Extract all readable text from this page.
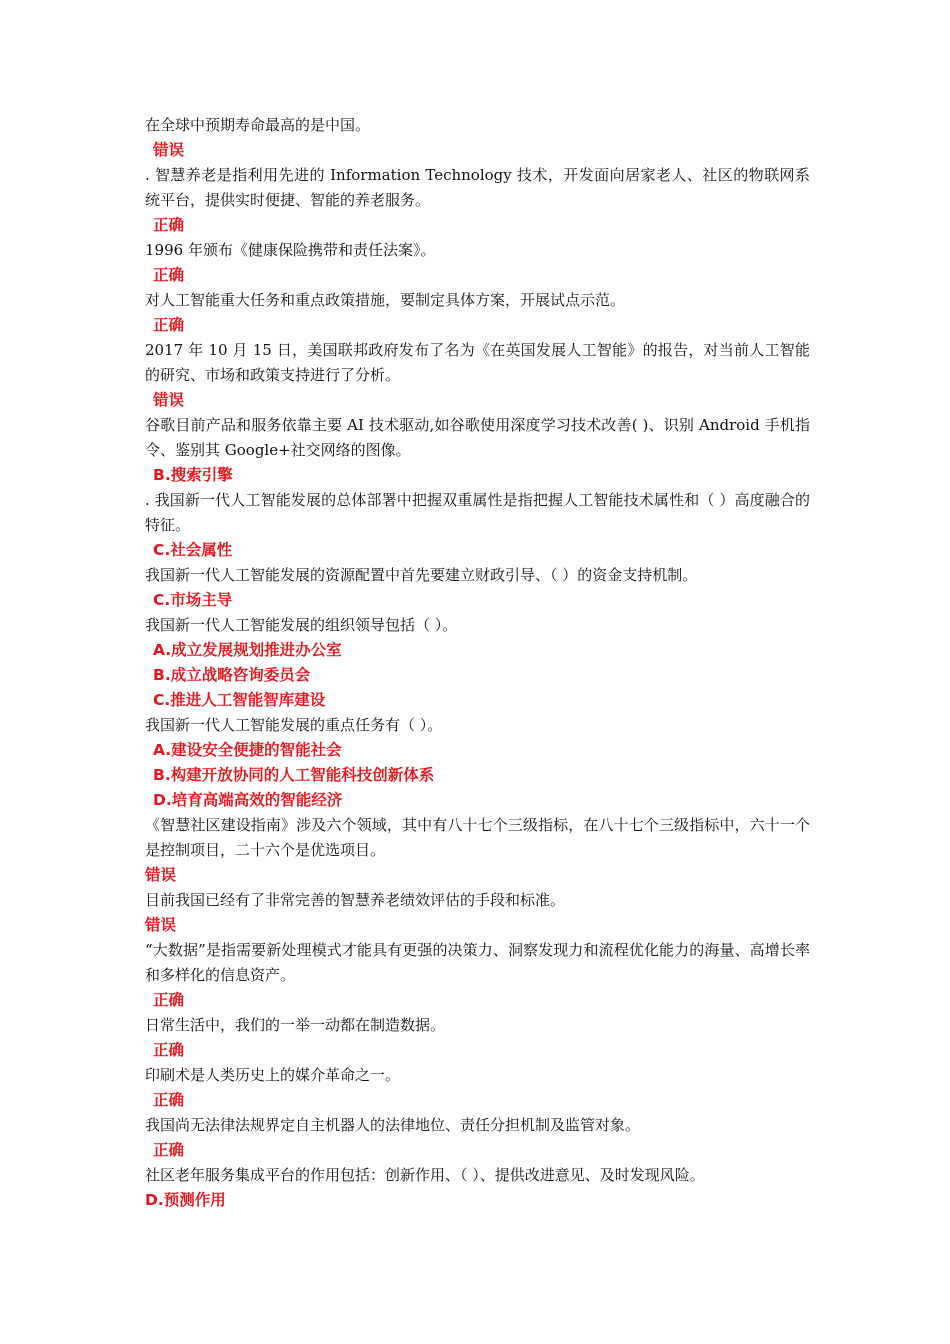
在全球中预期寿命最高的是中国。

错误

. 智慧养老是指利用先进的 Information Technology 技术，开发面向居家老人、社区的物联网系统平台，提供实时便捷、智能的养老服务。

正确

1996 年颁布《健康保险携带和责任法案》。

正确

对人工智能重大任务和重点政策措施，要制定具体方案，开展试点示范。

正确

2017 年 10 月 15 日，美国联邦政府发布了名为《在英国发展人工智能》的报告，对当前人工智能的研究、市场和政策支持进行了分析。

错误

谷歌目前产品和服务依靠主要 AI 技术驱动,如谷歌使用深度学习技术改善( )、识别 Android 手机指令、鉴别其 Google+社交网络的图像。

B.搜索引擎

. 我国新一代人工智能发展的总体部署中把握双重属性是指把握人工智能技术属性和（ ）高度融合的特征。

C.社会属性

我国新一代人工智能发展的资源配置中首先要建立财政引导、（ ）的资金支持机制。

C.市场主导

我国新一代人工智能发展的组织领导包括（ ）。

A.成立发展规划推进办公室

B.成立战略咨询委员会

C.推进人工智能智库建设

我国新一代人工智能发展的重点任务有（ ）。

A.建设安全便捷的智能社会

B.构建开放协同的人工智能科技创新体系

D.培育高端高效的智能经济

《智慧社区建设指南》涉及六个领域，其中有八十七个三级指标，在八十七个三级指标中，六十一个是控制项目，二十六个是优选项目。

错误

目前我国已经有了非常完善的智慧养老绩效评估的手段和标准。

错误

“大数据”是指需要新处理模式才能具有更强的决策力、洞察发现力和流程优化能力的海量、高增长率和多样化的信息资产。

正确

日常生活中，我们的一举一动都在制造数据。

正确

印刷术是人类历史上的媒介革命之一。

正确

我国尚无法律法规界定自主机器人的法律地位、责任分担机制及监管对象。

正确

社区老年服务集成平台的作用包括：创新作用、（ ）、提供改进意见、及时发现风险。

D.预测作用
